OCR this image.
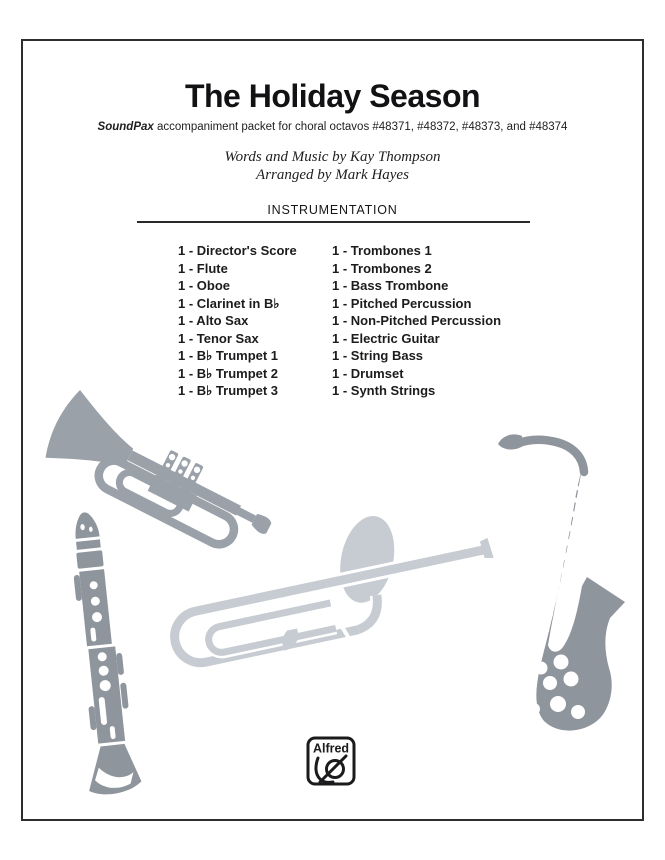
The Holiday Season
SoundPax accompaniment packet for choral octavos #48371, #48372, #48373, and #48374
Words and Music by Kay Thompson
Arranged by Mark Hayes
INSTRUMENTATION
1 - Director's Score
1 - Flute
1 - Oboe
1 - Clarinet in B♭
1 - Alto Sax
1 - Tenor Sax
1 - B♭ Trumpet 1
1 - B♭ Trumpet 2
1 - B♭ Trumpet 3
1 - Trombones 1
1 - Trombones 2
1 - Bass Trombone
1 - Pitched Percussion
1 - Non-Pitched Percussion
1 - Electric Guitar
1 - String Bass
1 - Drumset
1 - Synth Strings
Alfred
